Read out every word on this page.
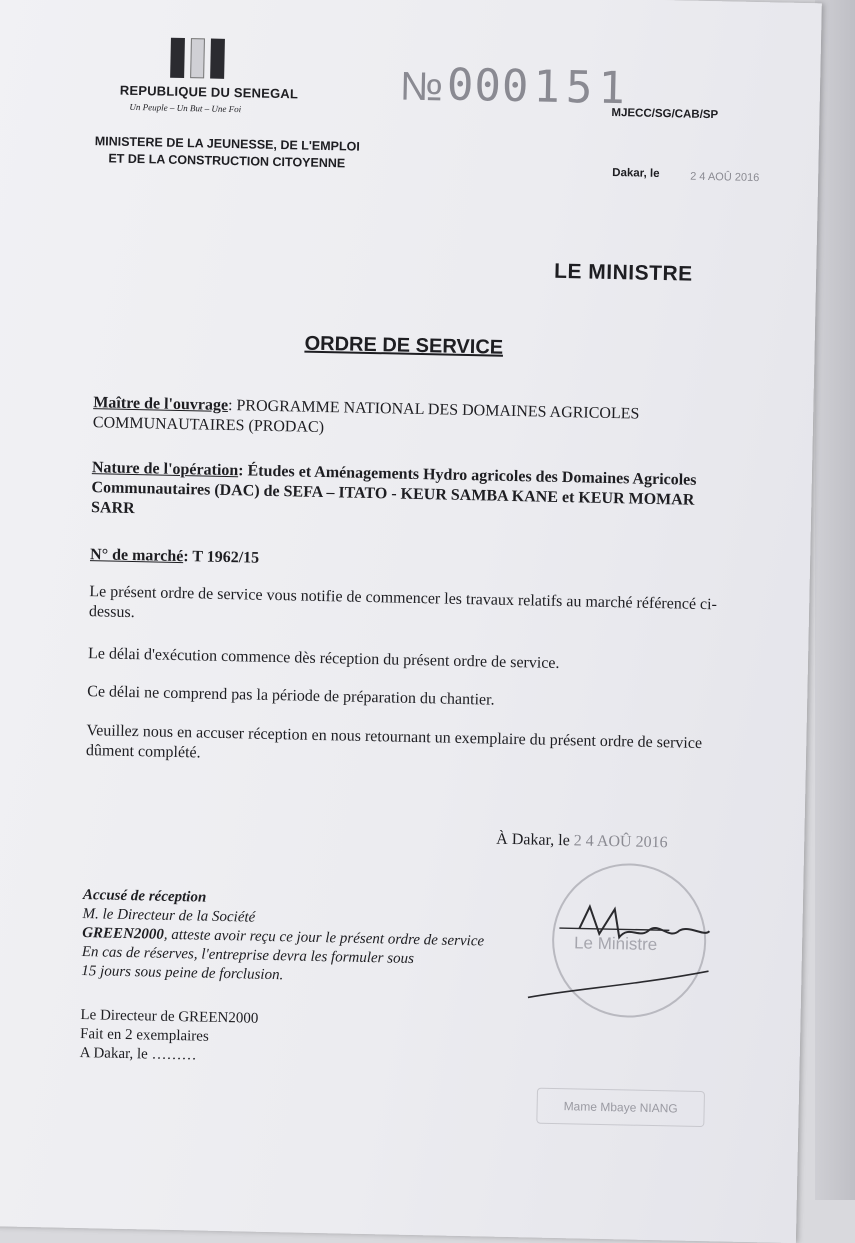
REPUBLIQUE DU SENEGAL
Un Peuple – Un But – Une Foi
MINISTERE DE LA JEUNESSE, DE L'EMPLOI
ET DE LA CONSTRUCTION CITOYENNE
№ 000 151
MJECC/SG/CAB/SP
Dakar, le	2 4 AOÛ 2016
LE MINISTRE
ORDRE DE SERVICE
Maître de l'ouvrage: PROGRAMME NATIONAL DES DOMAINES AGRICOLES COMMUNAUTAIRES (PRODAC)
Nature de l'opération: Études et Aménagements Hydro agricoles des Domaines Agricoles Communautaires (DAC) de SEFA – ITATO - KEUR SAMBA KANE et KEUR MOMAR SARR
N° de marché: T 1962/15
Le présent ordre de service vous notifie de commencer les travaux relatifs au marché référencé ci-dessus.
Le délai d'exécution commence dès réception du présent ordre de service.
Ce délai ne comprend pas la période de préparation du chantier.
Veuillez nous en accuser réception en nous retournant un exemplaire du présent ordre de service dûment complété.
À Dakar, le 2 4 AOÛ 2016
Le Ministre
Mame Mbaye NIANG
Accusé de réception
M. le Directeur de la Société
GREEN2000, atteste avoir reçu ce jour le présent ordre de service
En cas de réserves, l'entreprise devra les formuler sous
15 jours sous peine de forclusion.
Le Directeur de GREEN2000
Fait en 2 exemplaires
A Dakar, le ………
